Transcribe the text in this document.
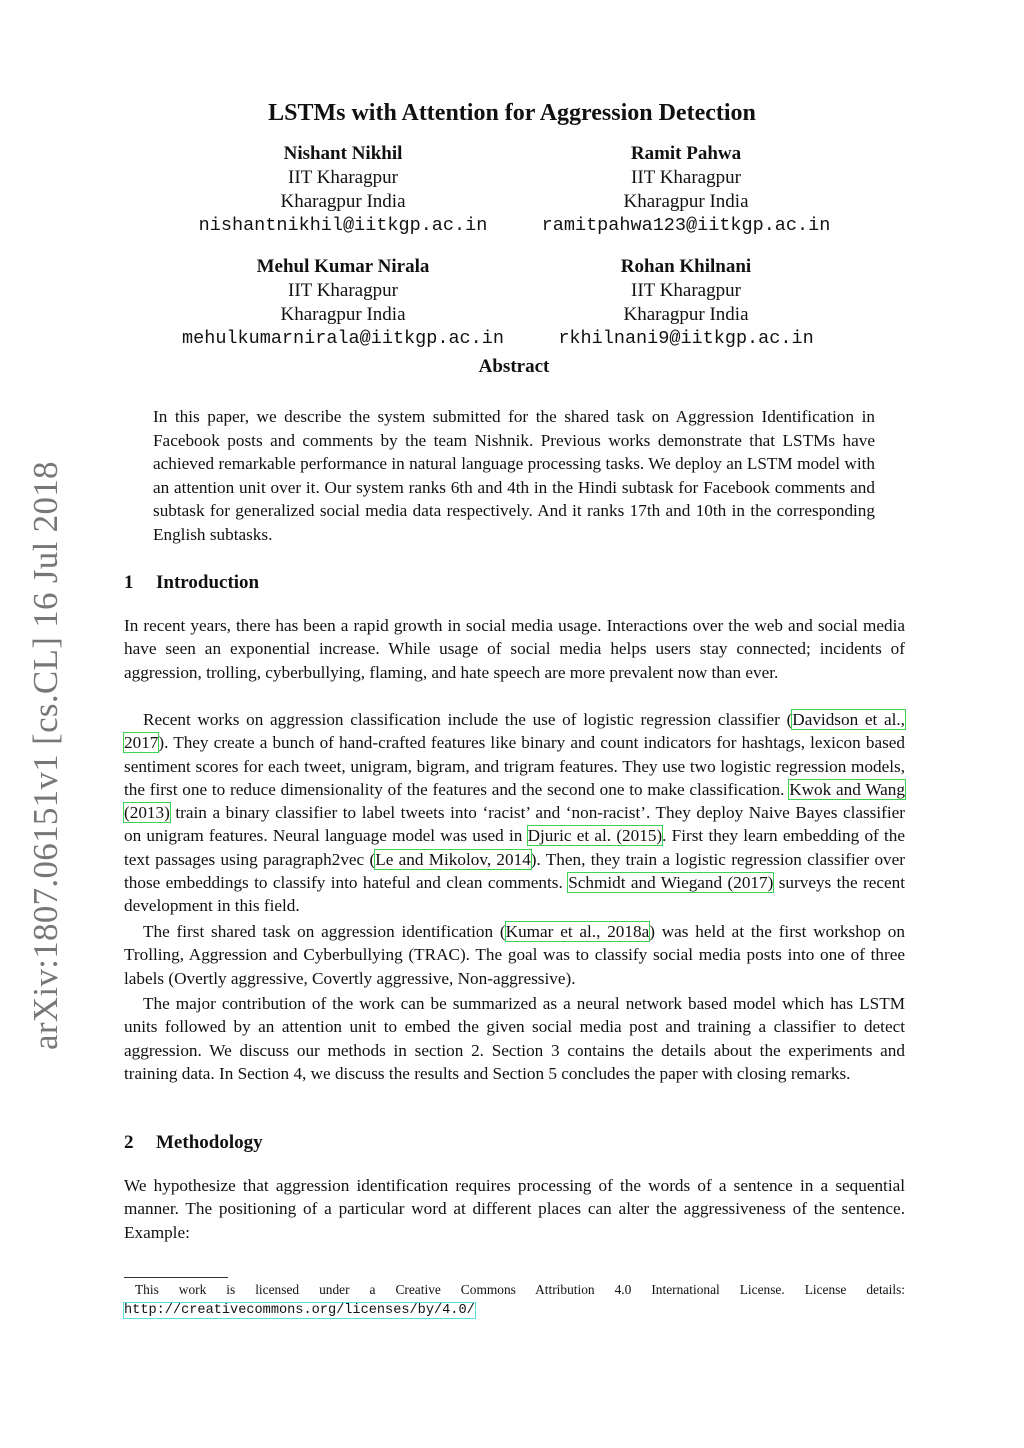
arXiv:1807.06151v1 [cs.CL] 16 Jul 2018
LSTMs with Attention for Aggression Detection
Nishant Nikhil
IIT Kharagpur
Kharagpur India
nishantnikhil@iitkgp.ac.in
Ramit Pahwa
IIT Kharagpur
Kharagpur India
ramitpahwa123@iitkgp.ac.in
Mehul Kumar Nirala
IIT Kharagpur
Kharagpur India
mehulkumarnirala@iitkgp.ac.in
Rohan Khilnani
IIT Kharagpur
Kharagpur India
rkhilnani9@iitkgp.ac.in
Abstract

In this paper, we describe the system submitted for the shared task on Aggression Identification in Facebook posts and comments by the team Nishnik. Previous works demonstrate that LSTMs have achieved remarkable performance in natural language processing tasks. We deploy an LSTM model with an attention unit over it. Our system ranks 6th and 4th in the Hindi subtask for Facebook comments and subtask for generalized social media data respectively. And it ranks 17th and 10th in the corresponding English subtasks.

1 Introduction

In recent years, there has been a rapid growth in social media usage. Interactions over the web and social media have seen an exponential increase. While usage of social media helps users stay connected; incidents of aggression, trolling, cyberbullying, flaming, and hate speech are more prevalent now than ever.

Recent works on aggression classification include the use of logistic regression classifier (Davidson et al., 2017). They create a bunch of hand-crafted features like binary and count indicators for hashtags, lexicon based sentiment scores for each tweet, unigram, bigram, and trigram features. They use two logistic regression models, the first one to reduce dimensionality of the features and the second one to make classification. Kwok and Wang (2013) train a binary classifier to label tweets into ‘racist’ and ‘non-racist’. They deploy Naive Bayes classifier on unigram features. Neural language model was used in Djuric et al. (2015). First they learn embedding of the text passages using paragraph2vec (Le and Mikolov, 2014). Then, they train a logistic regression classifier over those embeddings to classify into hateful and clean comments. Schmidt and Wiegand (2017) surveys the recent development in this field.

The first shared task on aggression identification (Kumar et al., 2018a) was held at the first workshop on Trolling, Aggression and Cyberbullying (TRAC). The goal was to classify social media posts into one of three labels (Overtly aggressive, Covertly aggressive, Non-aggressive).

The major contribution of the work can be summarized as a neural network based model which has LSTM units followed by an attention unit to embed the given social media post and training a classifier to detect aggression. We discuss our methods in section 2. Section 3 contains the details about the experiments and training data. In Section 4, we discuss the results and Section 5 concludes the paper with closing remarks.

2 Methodology

We hypothesize that aggression identification requires processing of the words of a sentence in a sequential manner. The positioning of a particular word at different places can alter the aggressiveness of the sentence. Example:

This work is licensed under a Creative Commons Attribution 4.0 International License. License details: http://creativecommons.org/licenses/by/4.0/
